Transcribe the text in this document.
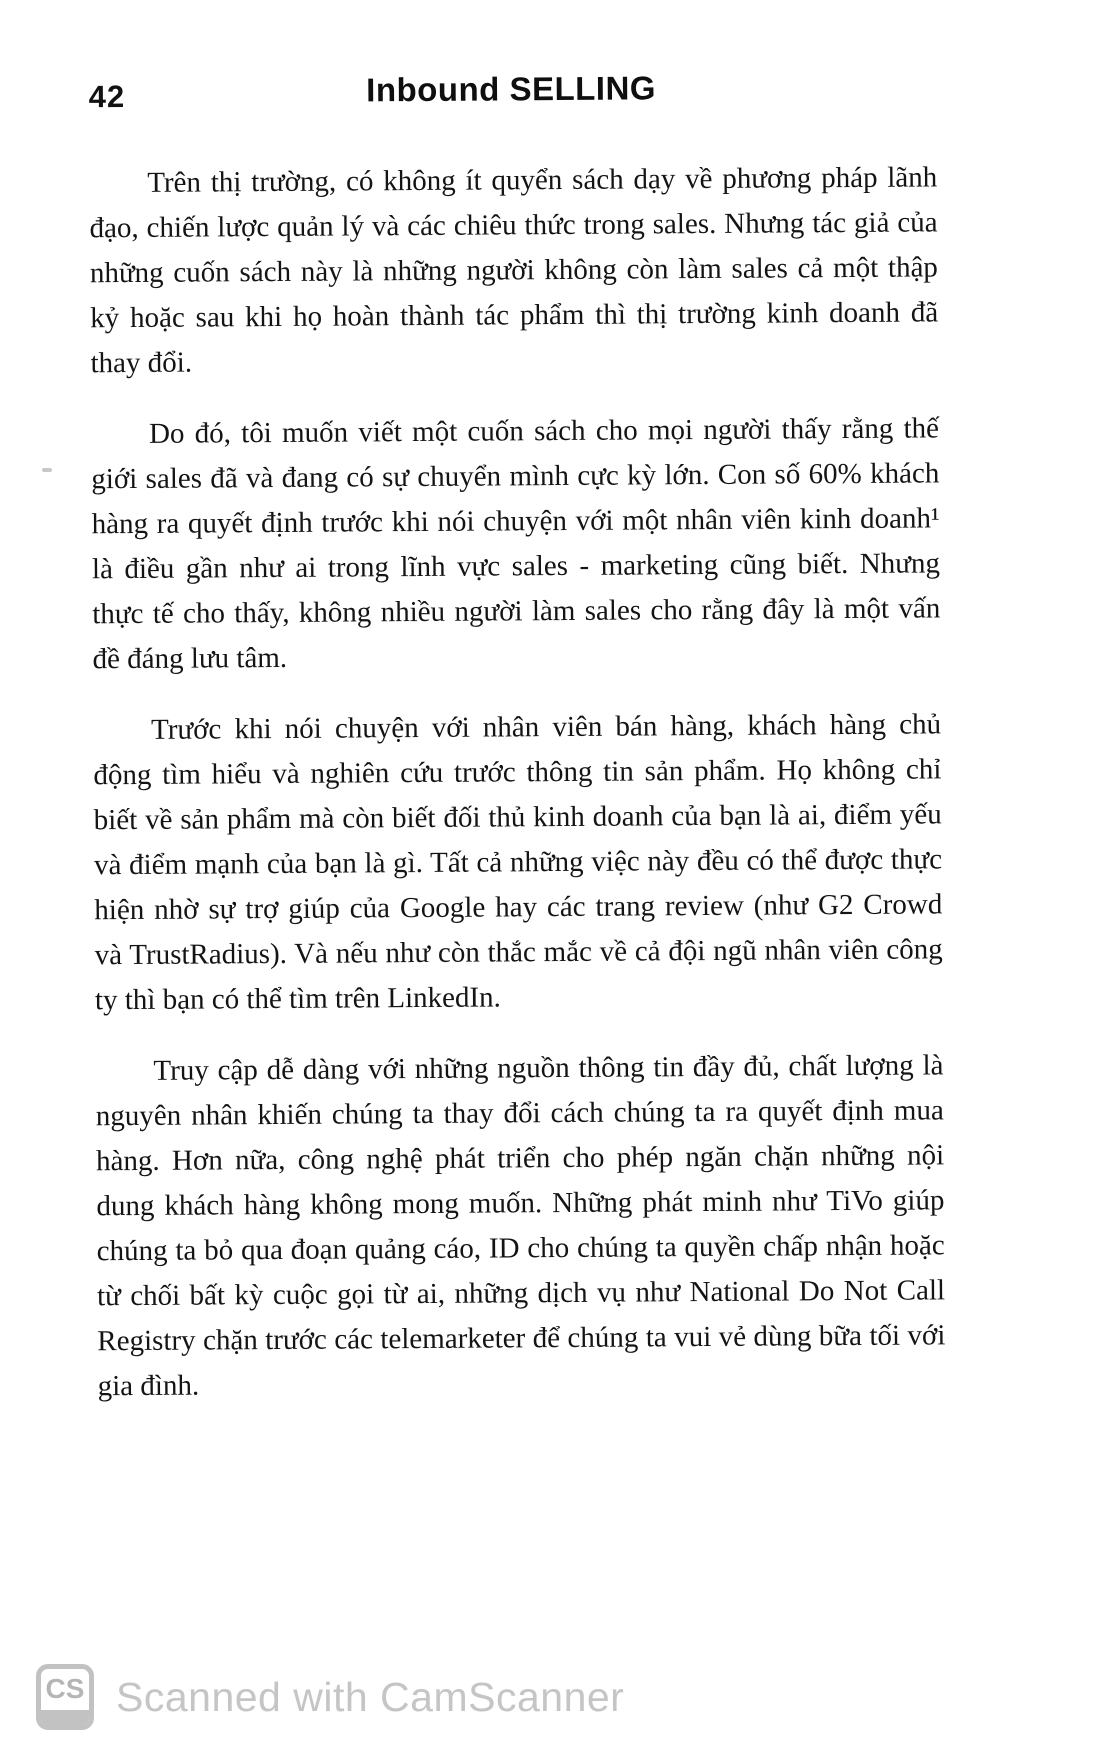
42	Inbound SELLING

Trên thị trường, có không ít quyển sách dạy về phương pháp lãnh đạo, chiến lược quản lý và các chiêu thức trong sales. Nhưng tác giả của những cuốn sách này là những người không còn làm sales cả một thập kỷ hoặc sau khi họ hoàn thành tác phẩm thì thị trường kinh doanh đã thay đổi.

Do đó, tôi muốn viết một cuốn sách cho mọi người thấy rằng thế giới sales đã và đang có sự chuyển mình cực kỳ lớn. Con số 60% khách hàng ra quyết định trước khi nói chuyện với một nhân viên kinh doanh¹ là điều gần như ai trong lĩnh vực sales - marketing cũng biết. Nhưng thực tế cho thấy, không nhiều người làm sales cho rằng đây là một vấn đề đáng lưu tâm.

Trước khi nói chuyện với nhân viên bán hàng, khách hàng chủ động tìm hiểu và nghiên cứu trước thông tin sản phẩm. Họ không chỉ biết về sản phẩm mà còn biết đối thủ kinh doanh của bạn là ai, điểm yếu và điểm mạnh của bạn là gì. Tất cả những việc này đều có thể được thực hiện nhờ sự trợ giúp của Google hay các trang review (như G2 Crowd và TrustRadius). Và nếu như còn thắc mắc về cả đội ngũ nhân viên công ty thì bạn có thể tìm trên LinkedIn.

Truy cập dễ dàng với những nguồn thông tin đầy đủ, chất lượng là nguyên nhân khiến chúng ta thay đổi cách chúng ta ra quyết định mua hàng. Hơn nữa, công nghệ phát triển cho phép ngăn chặn những nội dung khách hàng không mong muốn. Những phát minh như TiVo giúp chúng ta bỏ qua đoạn quảng cáo, ID cho chúng ta quyền chấp nhận hoặc từ chối bất kỳ cuộc gọi từ ai, những dịch vụ như National Do Not Call Registry chặn trước các telemarketer để chúng ta vui vẻ dùng bữa tối với gia đình.

CS Scanned with CamScanner
